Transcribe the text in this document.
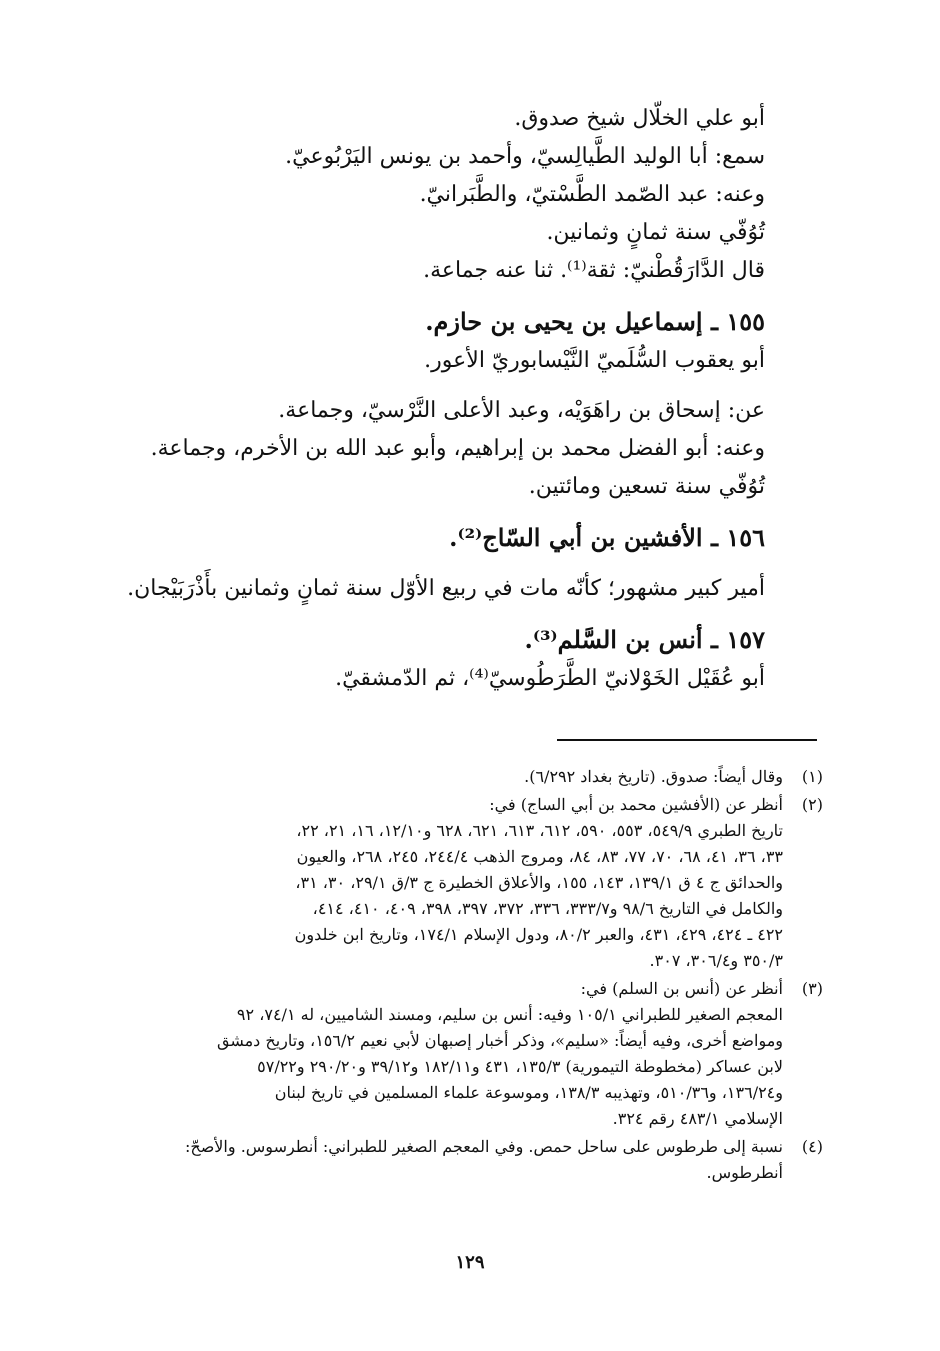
أبو علي الخلّال شيخ صدوق.
سمع: أبا الوليد الطَّيالِسيّ، وأحمد بن يونس اليَرْبُوعيّ.
وعنه: عبد الصّمد الطَّسْتيّ، والطَّبَرانيّ.
تُوُفّي سنة ثمانٍ وثمانين.
قال الدَّارَقُطْنيّ: ثقة⁽¹⁾. ثنا عنه جماعة.
١٥٥ ـ إسماعيل بن يحيى بن حازم.
أبو يعقوب السُّلَميّ النَّيْسابوريّ الأعور.
عن: إسحاق بن راهَوَيْه، وعبد الأعلى النَّرْسيّ، وجماعة.
وعنه: أبو الفضل محمد بن إبراهيم، وأبو عبد الله بن الأخرم، وجماعة.
تُوُفّي سنة تسعين ومائتين.
١٥٦ ـ الأفشين بن أبي السّاج⁽²⁾.
أمير كبير مشهور؛ كأنّه مات في ربيع الأوّل سنة ثمانٍ وثمانين بأَذْرَبَيْجان.
١٥٧ ـ أنس بن السَّلم⁽³⁾.
أبو عُقَيْل الخَوْلانيّ الطَّرَطُوسيّ⁽⁴⁾، ثم الدّمشقيّ.
(١)
وقال أيضاً: صدوق. (تاريخ بغداد ٦/٢٩٢).
(٢)
أنظر عن (الأفشين محمد بن أبي الساج) في:
تاريخ الطبري ٥٤٩/٩، ٥٥٣، ٥٩٠، ٦١٢، ٦١٣، ٦٢١، ٦٢٨ و١٢/١٠، ١٦، ٢١، ٢٢،
٣٣، ٣٦، ٤١، ٦٨، ٧٠، ٧٧، ٨٣، ٨٤، ومروج الذهب ٢٤٤/٤، ٢٤٥، ٢٦٨، والعيون
والحدائق ج ٤ ق ١٣٩/١، ١٤٣، ١٥٥، والأعلاق الخطيرة ج ٣/ق ٢٩/١، ٣٠، ٣١،
والكامل في التاريخ ٩٨/٦ و٣٣٣/٧، ٣٣٦، ٣٧٢، ٣٩٧، ٣٩٨، ٤٠٩، ٤١٠، ٤١٤،
٤٢٢ ـ ٤٢٤، ٤٢٩، ٤٣١، والعبر ٨٠/٢، ودول الإسلام ١٧٤/١، وتاريخ ابن خلدون
٣٥٠/٣ و٣٠٦/٤، ٣٠٧.
(٣)
أنظر عن (أنس بن السلم) في:
المعجم الصغير للطبراني ١٠٥/١ وفيه: أنس بن سليم، ومسند الشاميين، له ٧٤/١، ٩٢
ومواضع أخرى، وفيه أيضاً: «سليم»، وذكر أخبار إصبهان لأبي نعيم ١٥٦/٢، وتاريخ دمشق
لابن عساكر (مخطوطة التيمورية) ١٣٥/٣، ٤٣١ و١٨٢/١١ و٣٩/١٢ و٢٩٠/٢٠ و٥٧/٢٢
و١٣٦/٢٤، و٥١٠/٣٦، وتهذيبه ١٣٨/٣، وموسوعة علماء المسلمين في تاريخ لبنان
الإسلامي ٤٨٣/١ رقم ٣٢٤.
(٤)
نسبة إلى طرطوس على ساحل حمص. وفي المعجم الصغير للطبراني: أنطرسوس. والأصحّ:
أنطرطوس.
١٢٩
